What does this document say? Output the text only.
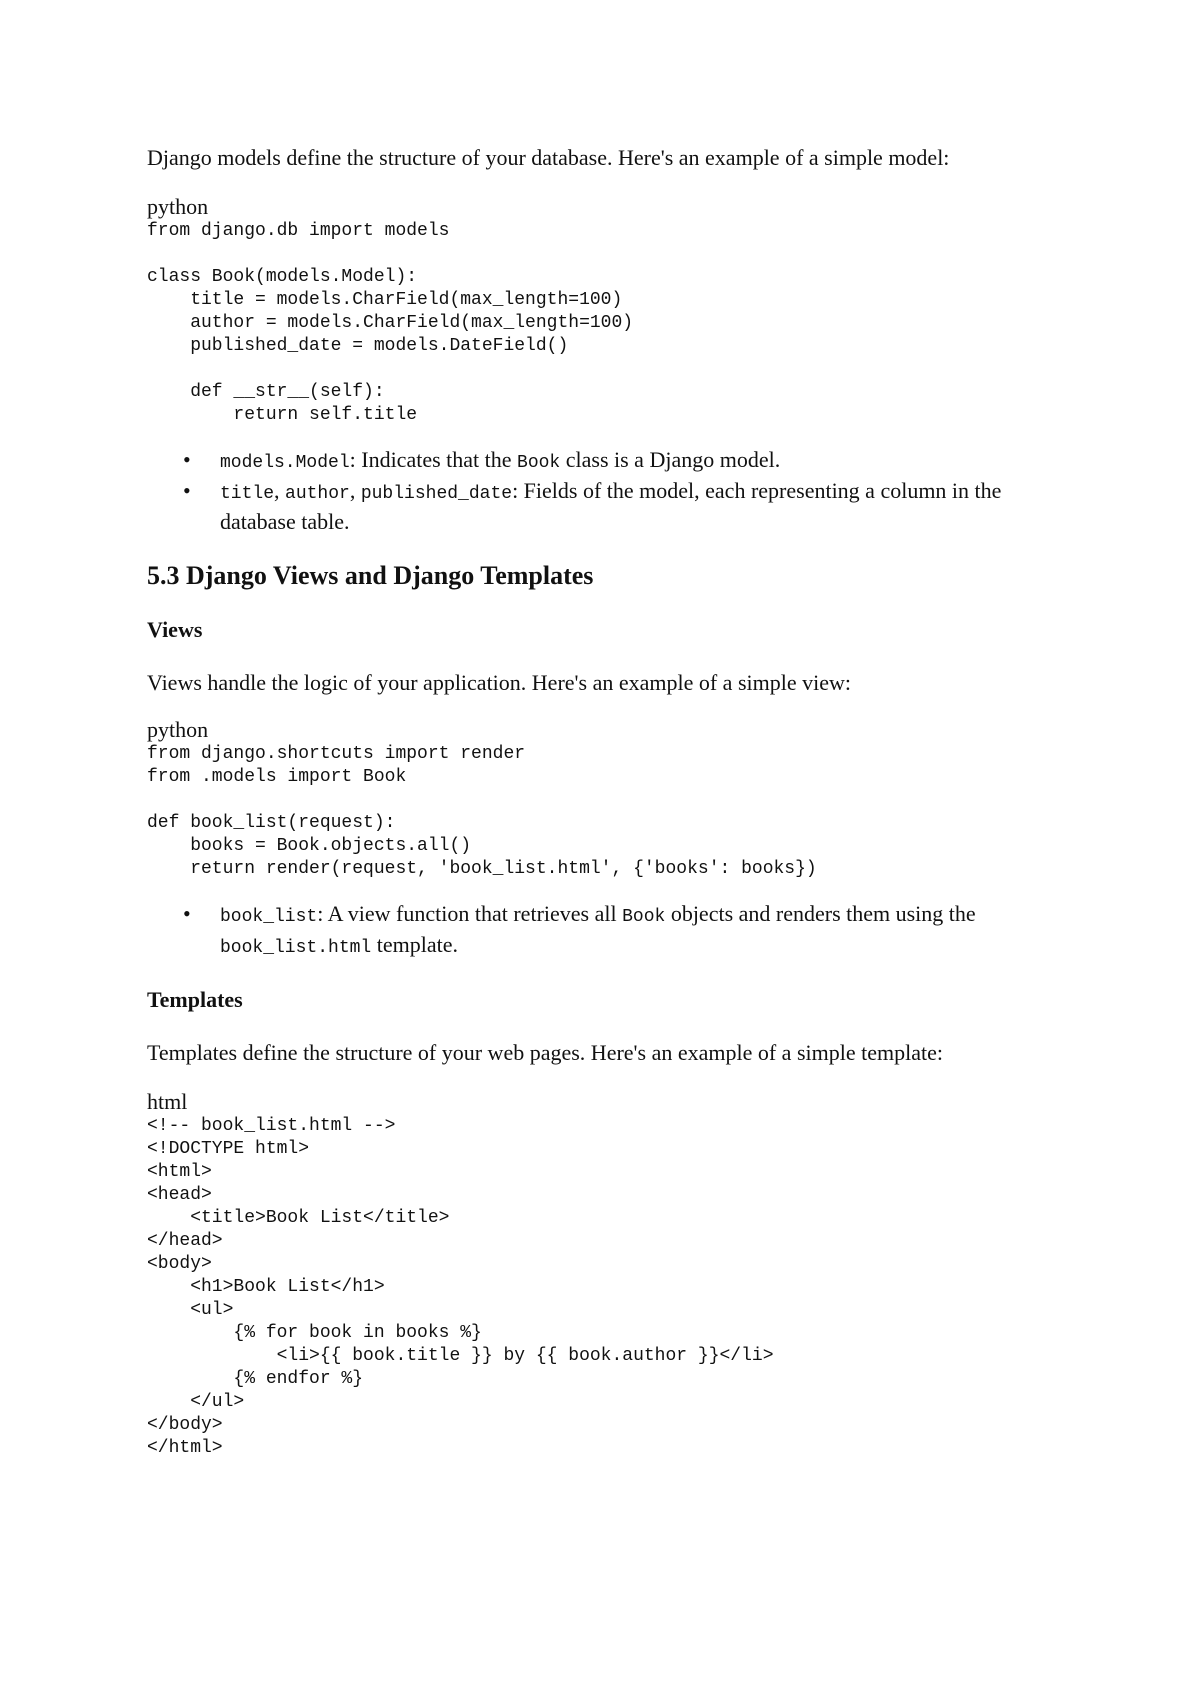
Django models define the structure of your database. Here's an example of a simple model:

python

from django.db import models

class Book(models.Model):
title = models.CharField(max_length=100)
author = models.CharField(max_length=100)
published_date = models.DateField()

def __str__(self):
return self.title
• models.Model: Indicates that the Book class is a Django model.
• title, author, published_date: Fields of the model, each representing a column in the database table.
5.3 Django Views and Django Templates
Views

Views handle the logic of your application. Here's an example of a simple view:

python

from django.shortcuts import render
from .models import Book

def book_list(request):
books = Book.objects.all()
return render(request, 'book_list.html', {'books': books})
• book_list: A view function that retrieves all Book objects and renders them using the book_list.html template.
Templates

Templates define the structure of your web pages. Here's an example of a simple template:

html

<!-- book_list.html -->
<!DOCTYPE html>
<html>
<head>
<title>Book List</title>
</head>
<body>
<h1>Book List</h1>
<ul>
{% for book in books %}
<li>{{ book.title }} by {{ book.author }}</li>
{% endfor %}
</ul>
</body>
</html>
